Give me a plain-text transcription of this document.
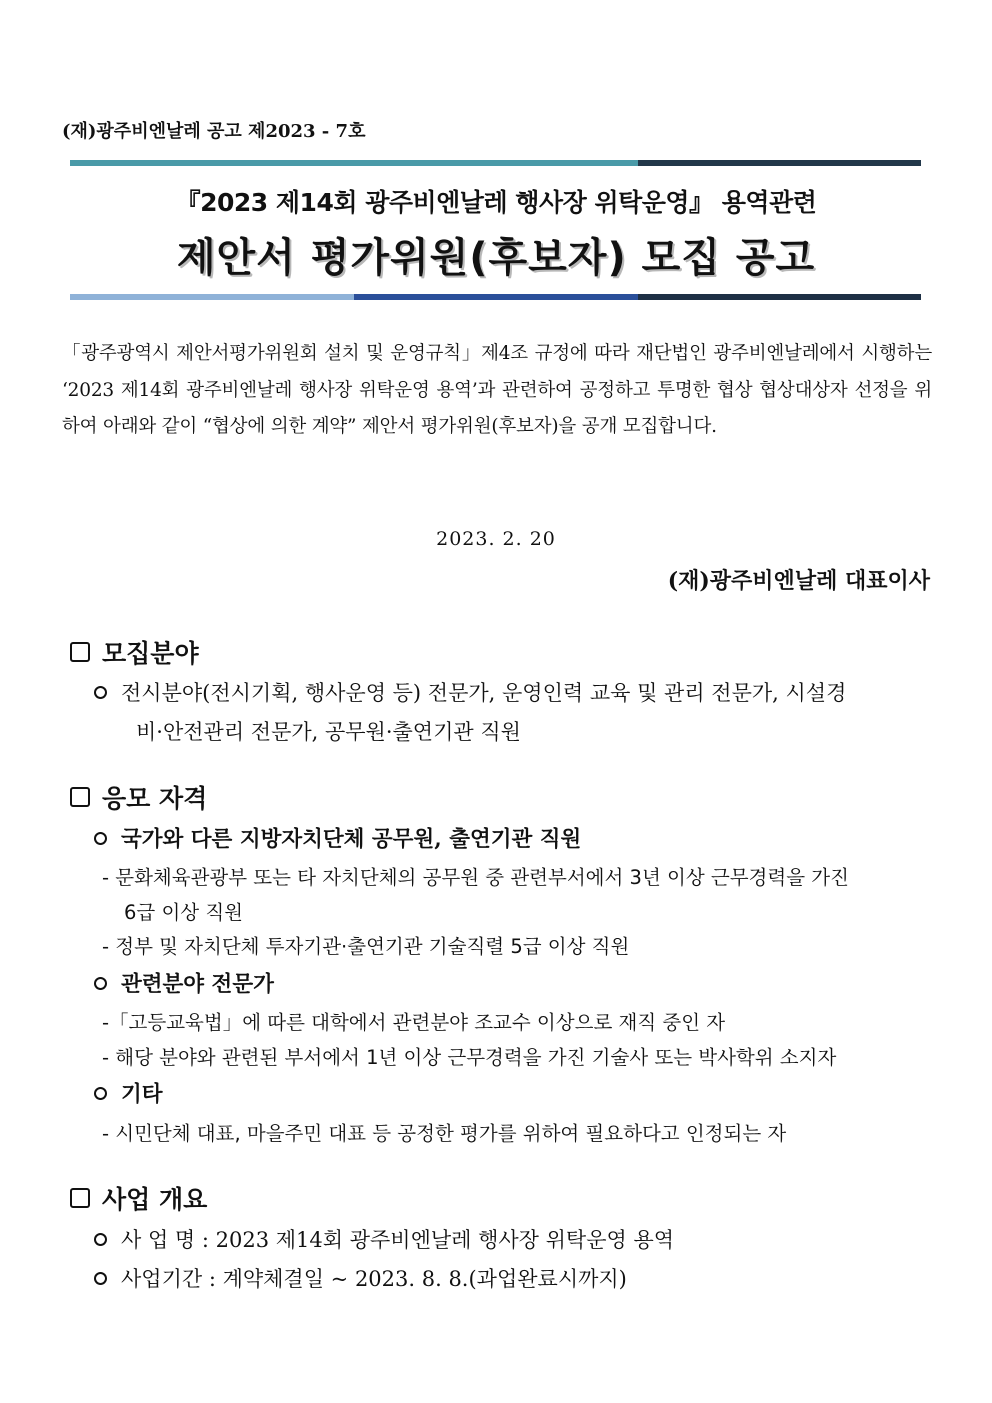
(재)광주비엔날레 공고 제2023 - 7호
『2023 제14회 광주비엔날레 행사장 위탁운영』 용역관련
제안서 평가위원(후보자) 모집 공고
「광주광역시 제안서평가위원회 설치 및 운영규칙」제4조 규정에 따라 재단법인 광주비엔날레에서 시행하는 ‘2023 제14회 광주비엔날레 행사장 위탁운영 용역’과 관련하여 공정하고 투명한 협상 협상대상자 선정을 위하여 아래와 같이 “협상에 의한 계약” 제안서 평가위원(후보자)을 공개 모집합니다.
2023. 2. 20
(재)광주비엔날레 대표이사
모집분야
전시분야(전시기획, 행사운영 등) 전문가, 운영인력 교육 및 관리 전문가, 시설경
비·안전관리 전문가, 공무원·출연기관 직원
응모 자격
국가와 다른 지방자치단체 공무원, 출연기관 직원
- 문화체육관광부 또는 타 자치단체의 공무원 중 관련부서에서 3년 이상 근무경력을 가진
6급 이상 직원
- 정부 및 자치단체 투자기관·출연기관 기술직렬 5급 이상 직원
관련분야 전문가
-「고등교육법」에 따른 대학에서 관련분야 조교수 이상으로 재직 중인 자
- 해당 분야와 관련된 부서에서 1년 이상 근무경력을 가진 기술사 또는 박사학위 소지자
기타
- 시민단체 대표, 마을주민 대표 등 공정한 평가를 위하여 필요하다고 인정되는 자
사업 개요
사 업 명 : 2023 제14회 광주비엔날레 행사장 위탁운영 용역
사업기간 : 계약체결일 ~ 2023. 8. 8.(과업완료시까지)
